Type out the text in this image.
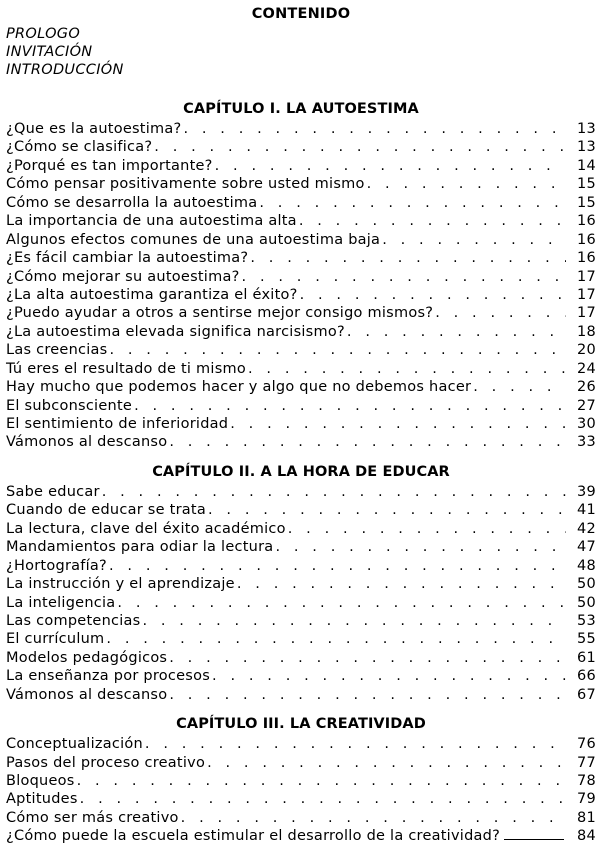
CONTENIDO
PROLOGO
INVITACIÓN
INTRODUCCIÓN
CAPÍTULO I. LA AUTOESTIMA
¿Que es la autoestima? . . .	13
¿Cómo se clasifica? . . .	13
¿Porqué es tan importante? . . .	14
Cómo pensar positivamente sobre usted mismo . . .	15
Cómo se desarrolla la autoestima . . .	15
La importancia de una autoestima alta . . .	16
Algunos efectos comunes de una autoestima baja . . .	16
¿Es fácil cambiar la autoestima? . . .	16
¿Cómo mejorar su autoestima? . . .	17
¿La alta autoestima garantiza el éxito? . . .	17
¿Puedo ayudar a otros a sentirse mejor consigo mismos? . . .	17
¿La autoestima elevada significa narcisismo? . . .	18
Las creencias . . .	20
Tú eres el resultado de ti mismo . . .	24
Hay mucho que podemos hacer y algo que no debemos hacer . . .	26
El subconsciente . . .	27
El sentimiento de inferioridad . . .	30
Vámonos al descanso . . .	33
CAPÍTULO II. A LA HORA DE EDUCAR
Sabe educar . . .	39
Cuando de educar se trata . . .	41
La lectura, clave del éxito académico . . .	42
Mandamientos para odiar la lectura . . .	47
¿Hortografía? . . .	48
La instrucción y el aprendizaje . . .	50
La inteligencia . . .	50
Las competencias . . .	53
El currículum . . .	55
Modelos pedagógicos . . .	61
La enseñanza por procesos . . .	66
Vámonos al descanso . . .	67
CAPÍTULO III. LA CREATIVIDAD
Conceptualización . . .	76
Pasos del proceso creativo . . .	77
Bloqueos . . .	78
Aptitudes . . .	79
Cómo ser más creativo . . .	81
¿Cómo puede la escuela estimular el desarrollo de la creatividad?	84
